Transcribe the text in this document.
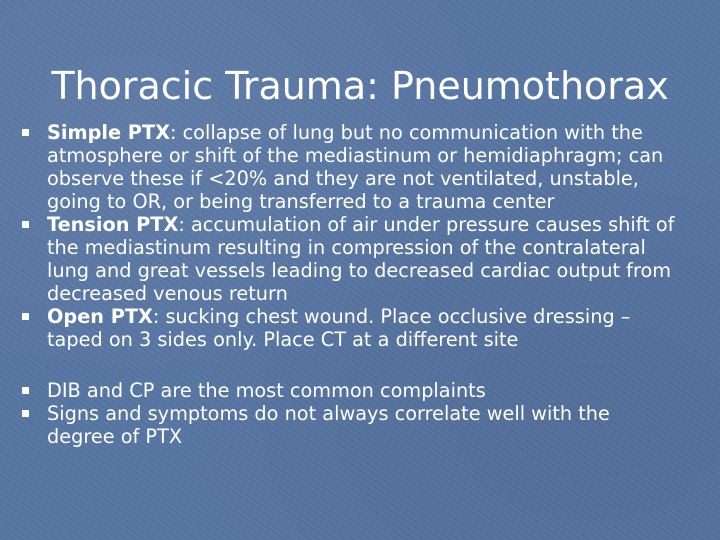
Thoracic Trauma: Pneumothorax
Simple PTX: collapse of lung but no communication with the atmosphere or shift of the mediastinum or hemidiaphragm; can observe these if <20% and they are not ventilated, unstable, going to OR, or being transferred to a trauma center
Tension PTX: accumulation of air under pressure causes shift of the mediastinum resulting in compression of the contralateral lung and great vessels leading to decreased cardiac output from decreased venous return
Open PTX: sucking chest wound. Place occlusive dressing – taped on 3 sides only. Place CT at a different site
DIB and CP are the most common complaints
Signs and symptoms do not always correlate well with the degree of PTX
